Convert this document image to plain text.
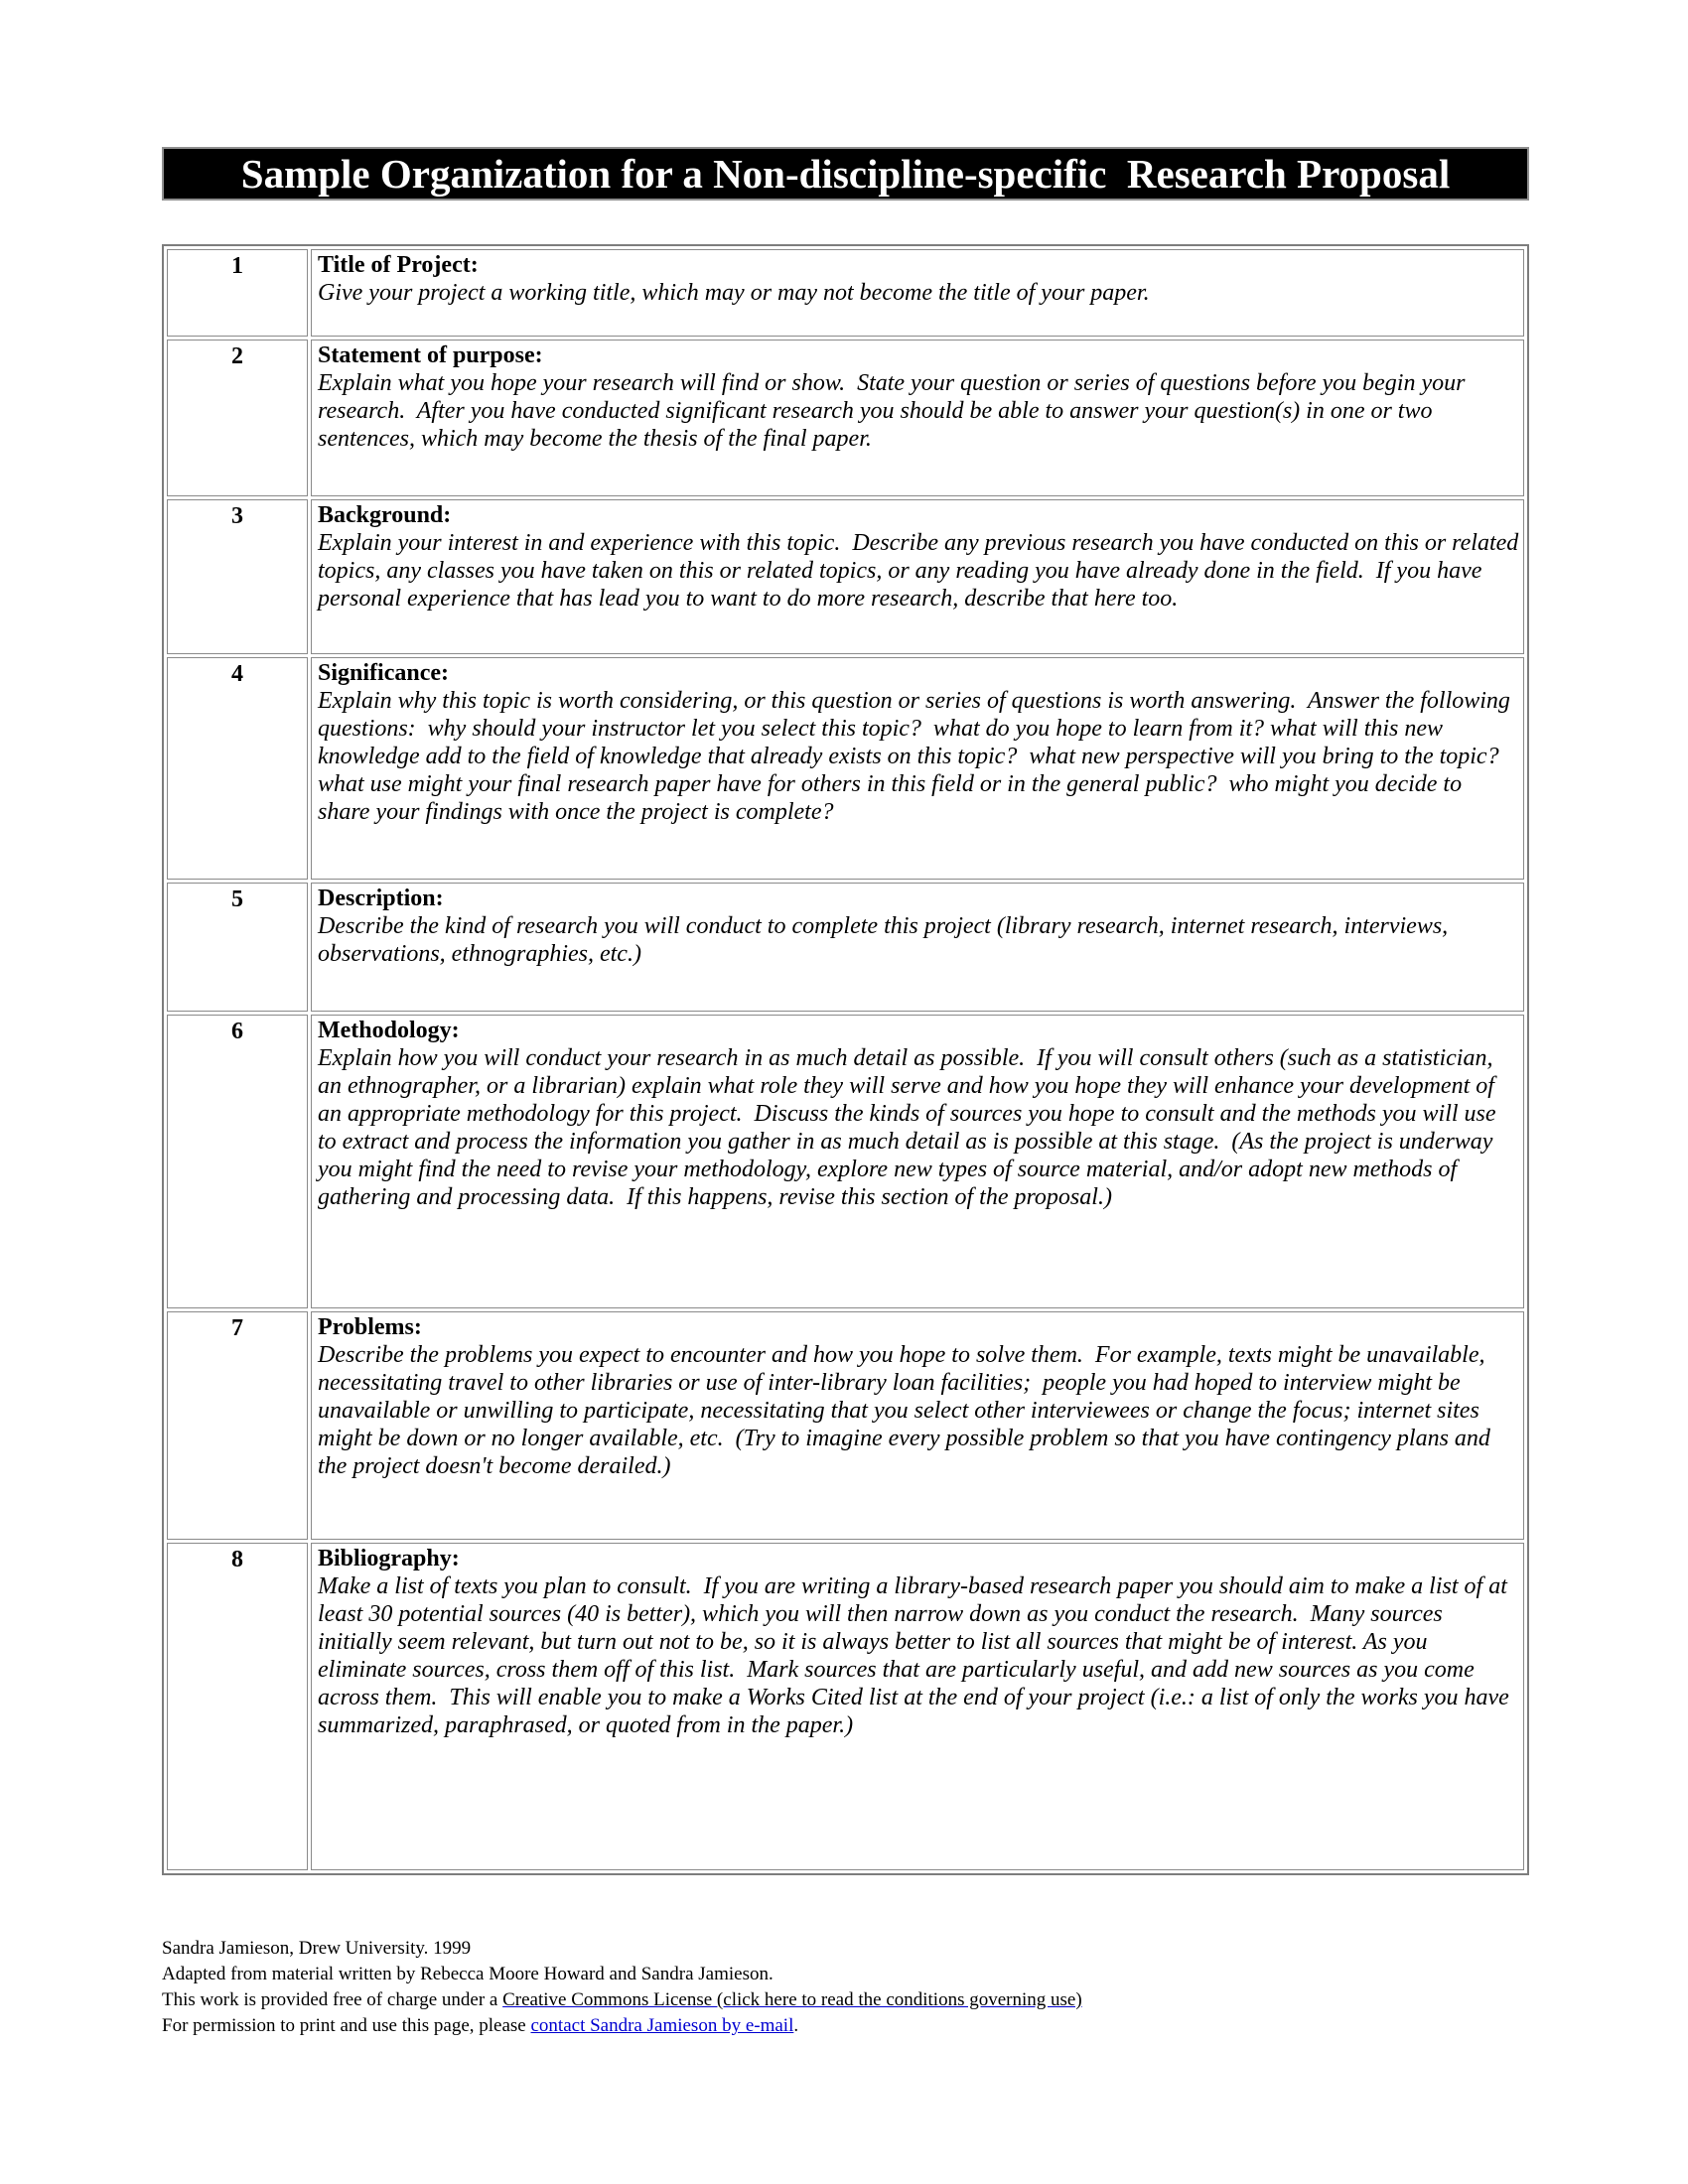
Sample Organization for a Non-discipline-specific  Research Proposal
1	Title of Project:
Give your project a working title, which may or may not become the title of your paper.

2	Statement of purpose:
Explain what you hope your research will find or show.  State your question or series of questions before you begin your research.  After you have conducted significant research you should be able to answer your question(s) in one or two sentences, which may become the thesis of the final paper.

3	Background:
Explain your interest in and experience with this topic.  Describe any previous research you have conducted on this or related topics, any classes you have taken on this or related topics, or any reading you have already done in the field.  If you have personal experience that has lead you to want to do more research, describe that here too.

4	Significance:
Explain why this topic is worth considering, or this question or series of questions is worth answering.  Answer the following questions:  why should your instructor let you select this topic?  what do you hope to learn from it? what will this new knowledge add to the field of knowledge that already exists on this topic?  what new perspective will you bring to the topic? what use might your final research paper have for others in this field or in the general public?  who might you decide to share your findings with once the project is complete?

5	Description:
Describe the kind of research you will conduct to complete this project (library research, internet research, interviews, observations, ethnographies, etc.)

6	Methodology:
Explain how you will conduct your research in as much detail as possible.  If you will consult others (such as a statistician, an ethnographer, or a librarian) explain what role they will serve and how you hope they will enhance your development of an appropriate methodology for this project.  Discuss the kinds of sources you hope to consult and the methods you will use to extract and process the information you gather in as much detail as is possible at this stage.  (As the project is underway you might find the need to revise your methodology, explore new types of source material, and/or adopt new methods of gathering and processing data.  If this happens, revise this section of the proposal.)

7	Problems:
Describe the problems you expect to encounter and how you hope to solve them.  For example, texts might be unavailable, necessitating travel to other libraries or use of inter-library loan facilities;  people you had hoped to interview might be unavailable or unwilling to participate, necessitating that you select other interviewees or change the focus; internet sites might be down or no longer available, etc.  (Try to imagine every possible problem so that you have contingency plans and the project doesn't become derailed.)

8	Bibliography:
Make a list of texts you plan to consult.  If you are writing a library-based research paper you should aim to make a list of at least 30 potential sources (40 is better), which you will then narrow down as you conduct the research.  Many sources initially seem relevant, but turn out not to be, so it is always better to list all sources that might be of interest. As you eliminate sources, cross them off of this list.  Mark sources that are particularly useful, and add new sources as you come across them.  This will enable you to make a Works Cited list at the end of your project (i.e.: a list of only the works you have summarized, paraphrased, or quoted from in the paper.)
Sandra Jamieson, Drew University. 1999
Adapted from material written by Rebecca Moore Howard and Sandra Jamieson.
This work is provided free of charge under a Creative Commons License (click here to read the conditions governing use)
For permission to print and use this page, please contact Sandra Jamieson by e-mail.
